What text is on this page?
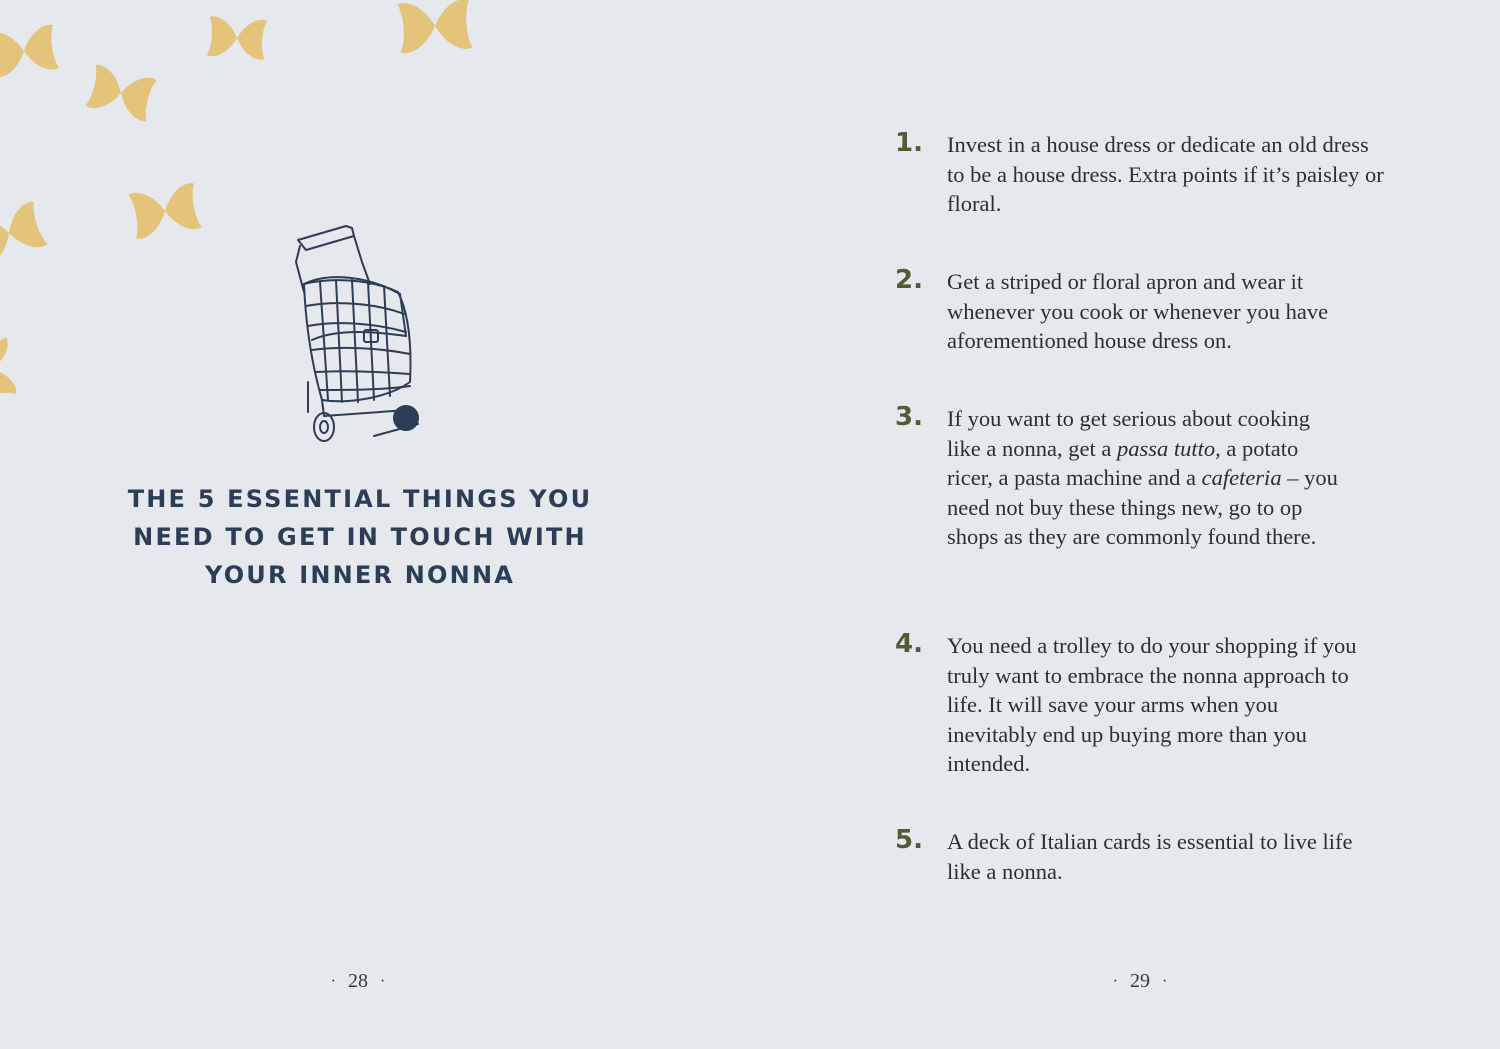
THE 5 ESSENTIAL THINGS YOU NEED TO GET IN TOUCH WITH YOUR INNER NONNA
· 28 ·
1. Invest in a house dress or dedicate an old dress to be a house dress. Extra points if it’s paisley or floral.
2. Get a striped or floral apron and wear it whenever you cook or whenever you have aforementioned house dress on.
3. If you want to get serious about cooking like a nonna, get a passa tutto, a potato ricer, a pasta machine and a cafeteria – you need not buy these things new, go to op shops as they are commonly found there.
4. You need a trolley to do your shopping if you truly want to embrace the nonna approach to life. It will save your arms when you inevitably end up buying more than you intended.
5. A deck of Italian cards is essential to live life like a nonna.
· 29 ·
